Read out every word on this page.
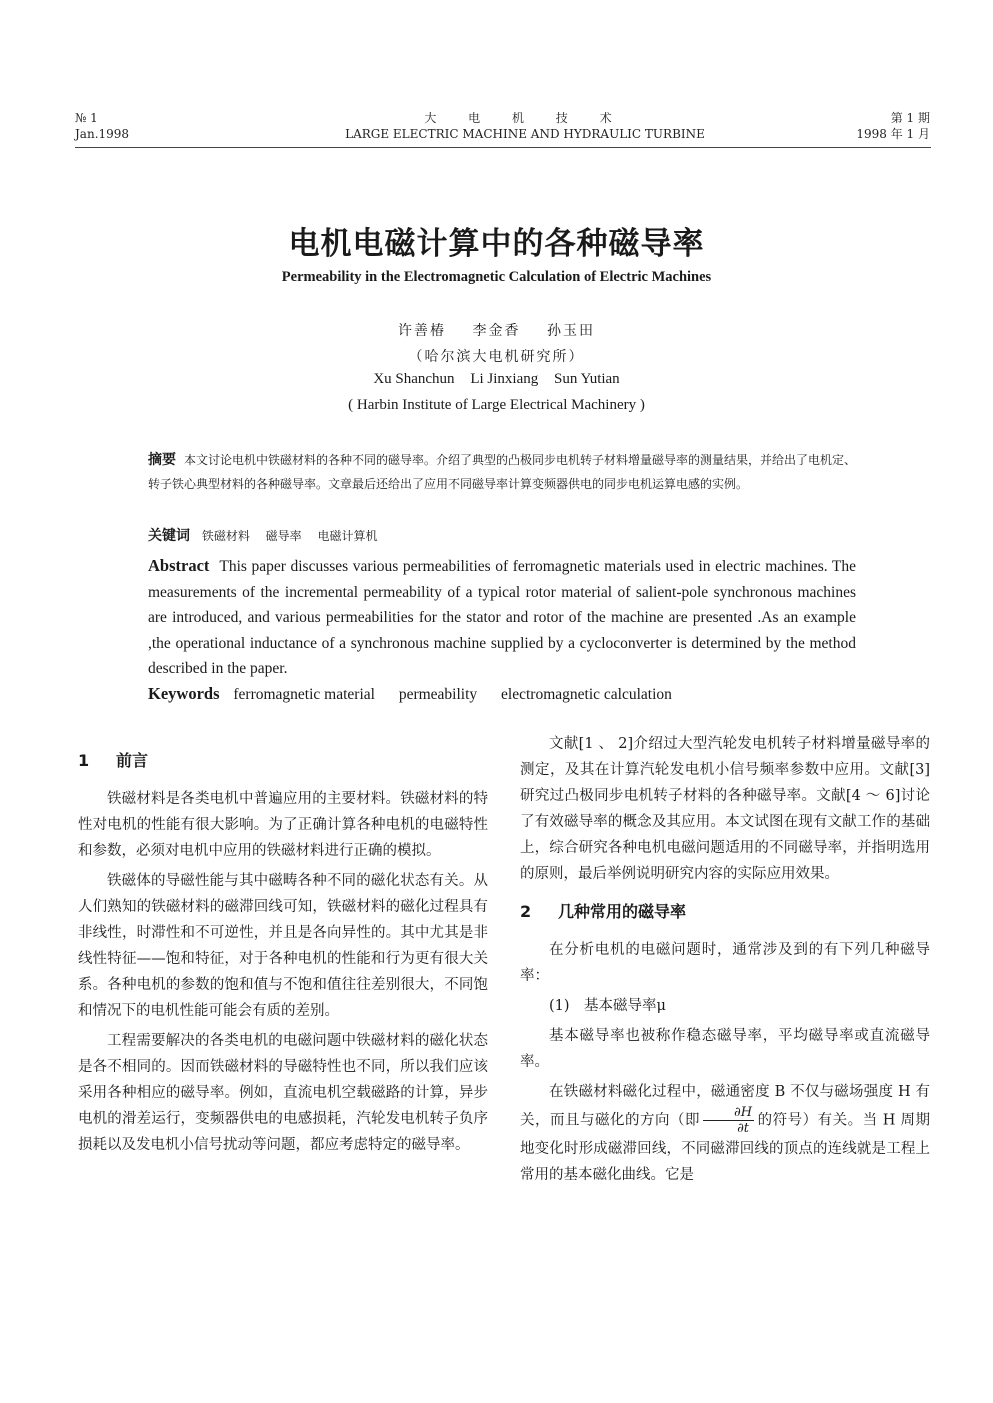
№ 1
Jan.1998
大 电 机 技 术
LARGE ELECTRIC MACHINE AND HYDRAULIC TURBINE
第 1 期
1998 年 1 月
电机电磁计算中的各种磁导率
Permeability in the Electromagnetic Calculation of Electric Machines
许善椿 李金香 孙玉田
（哈尔滨大电机研究所）
Xu Shanchun Li Jinxiang Sun Yutian
( Harbin Institute of Large Electrical Machinery )
摘要 本文讨论电机中铁磁材料的各种不同的磁导率。介绍了典型的凸极同步电机转子材料增量磁导率的测量结果，并给出了电机定、转子铁心典型材料的各种磁导率。文章最后还给出了应用不同磁导率计算变频器供电的同步电机运算电感的实例。
关键词 铁磁材料 磁导率 电磁计算机
Abstract This paper discusses various permeabilities of ferromagnetic materials used in electric machines. The measurements of the incremental permeability of a typical rotor material of salient-pole synchronous machines are introduced, and various permeabilities for the stator and rotor of the machine are presented .As an example ,the operational inductance of a synchronous machine supplied by a cycloconverter is determined by the method described in the paper.
Keywords ferromagnetic material permeability electromagnetic calculation
1 前言

铁磁材料是各类电机中普遍应用的主要材料。铁磁材料的特性对电机的性能有很大影响。为了正确计算各种电机的电磁特性和参数，必须对电机中应用的铁磁材料进行正确的模拟。

铁磁体的导磁性能与其中磁畴各种不同的磁化状态有关。从人们熟知的铁磁材料的磁滞回线可知，铁磁材料的磁化过程具有非线性，时滞性和不可逆性，并且是各向异性的。其中尤其是非线性特征——饱和特征，对于各种电机的性能和行为更有很大关系。各种电机的参数的饱和值与不饱和值往往差别很大，不同饱和情况下的电机性能可能会有质的差别。

工程需要解决的各类电机的电磁问题中铁磁材料的磁化状态是各不相同的。因而铁磁材料的导磁特性也不同，所以我们应该采用各种相应的磁导率。例如，直流电机空载磁路的计算，异步电机的滑差运行，变频器供电的电感损耗，汽轮发电机转子负序损耗以及发电机小信号扰动等问题，都应考虑特定的磁导率。

文献[1 、 2]介绍过大型汽轮发电机转子材料增量磁导率的测定，及其在计算汽轮发电机小信号频率参数中应用。文献[3]研究过凸极同步电机转子材料的各种磁导率。文献[4 ～ 6]讨论了有效磁导率的概念及其应用。本文试图在现有文献工作的基础上，综合研究各种电机电磁问题适用的不同磁导率，并指明选用的原则，最后举例说明研究内容的实际应用效果。

2 几种常用的磁导率

在分析电机的电磁问题时，通常涉及到的有下列几种磁导率：

(1)　基本磁导率μ

基本磁导率也被称作稳态磁导率，平均磁导率或直流磁导率。

在铁磁材料磁化过程中，磁通密度 B 不仅与磁场强度 H 有关，而且与磁化的方向（即 $\frac{\partial H}{\partial t}$ 的符号）有关。当 H 周期地变化时形成磁滞回线，不同磁滞回线的顶点的连线就是工程上常用的基本磁化曲线。它是
